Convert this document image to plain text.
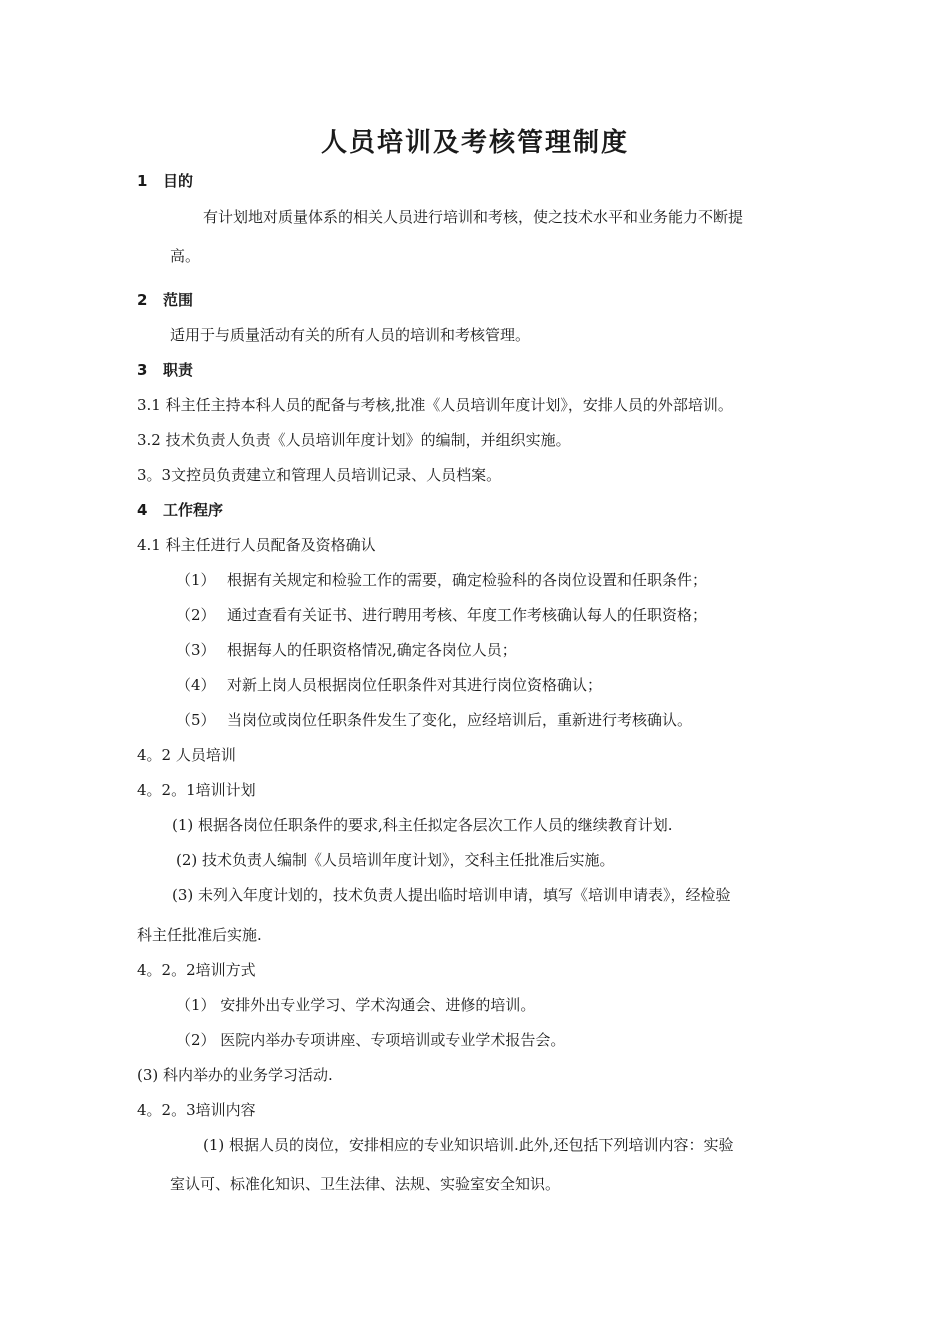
人员培训及考核管理制度
1 目的
有计划地对质量体系的相关人员进行培训和考核，使之技术水平和业务能力不断提
高。
2 范围
适用于与质量活动有关的所有人员的培训和考核管理。
3 职责
3.1 科主任主持本科人员的配备与考核,批准《人员培训年度计划》，安排人员的外部培训。
3.2 技术负责人负责《人员培训年度计划》的编制，并组织实施。
3。3文控员负责建立和管理人员培训记录、人员档案。
4 工作程序
4.1 科主任进行人员配备及资格确认
（1） 根据有关规定和检验工作的需要，确定检验科的各岗位设置和任职条件；
（2） 通过查看有关证书、进行聘用考核、年度工作考核确认每人的任职资格；
（3） 根据每人的任职资格情况,确定各岗位人员；
（4） 对新上岗人员根据岗位任职条件对其进行岗位资格确认；
（5） 当岗位或岗位任职条件发生了变化，应经培训后，重新进行考核确认。
4。2 人员培训
4。2。1培训计划
(1) 根据各岗位任职条件的要求,科主任拟定各层次工作人员的继续教育计划.
(2) 技术负责人编制《人员培训年度计划》，交科主任批准后实施。
(3) 未列入年度计划的，技术负责人提出临时培训申请，填写《培训申请表》，经检验
科主任批准后实施.
4。2。2培训方式
（1） 安排外出专业学习、学术沟通会、进修的培训。
（2） 医院内举办专项讲座、专项培训或专业学术报告会。
(3) 科内举办的业务学习活动.
4。2。3培训内容
(1) 根据人员的岗位，安排相应的专业知识培训.此外,还包括下列培训内容：实验
室认可、标准化知识、卫生法律、法规、实验室安全知识。
